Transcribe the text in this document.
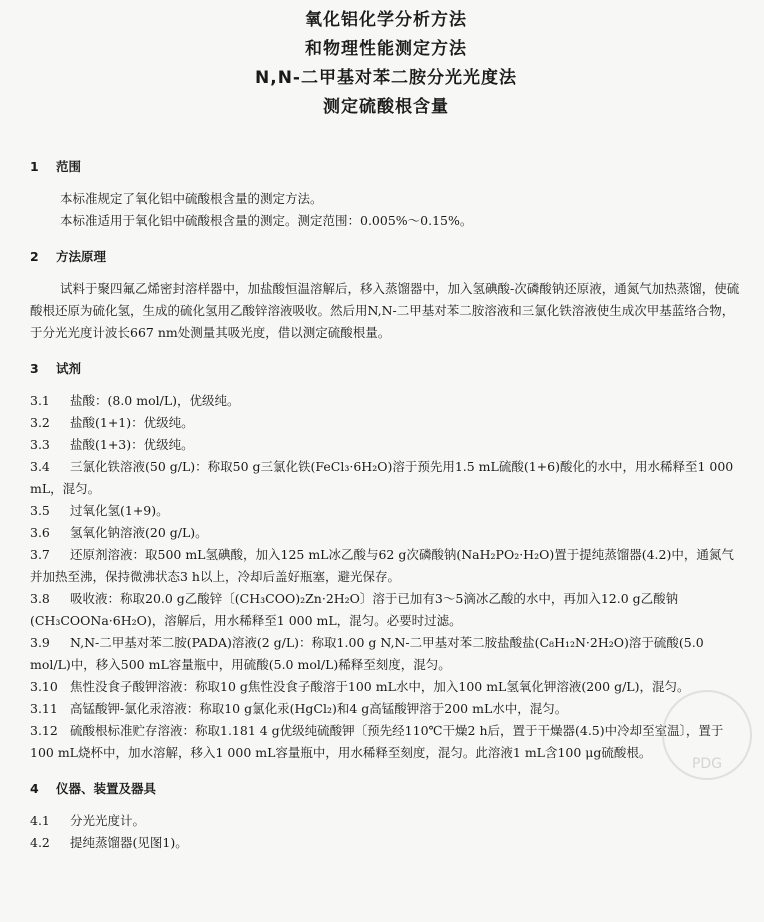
氧化铝化学分析方法
和物理性能测定方法
N,N-二甲基对苯二胺分光光度法
测定硫酸根含量
1 范围

本标准规定了氧化铝中硫酸根含量的测定方法。

本标准适用于氧化铝中硫酸根含量的测定。测定范围：0.005%～0.15%。

2 方法原理

试料于聚四氟乙烯密封溶样器中，加盐酸恒温溶解后，移入蒸馏器中，加入氢碘酸-次磷酸钠还原液，通氮气加热蒸馏，使硫酸根还原为硫化氢，生成的硫化氢用乙酸锌溶液吸收。然后用N,N-二甲基对苯二胺溶液和三氯化铁溶液使生成次甲基蓝络合物，于分光光度计波长667 nm处测量其吸光度，借以测定硫酸根量。

3 试剂

3.1 盐酸：(8.0 mol/L)，优级纯。

3.2 盐酸(1+1)：优级纯。

3.3 盐酸(1+3)：优级纯。

3.4 三氯化铁溶液(50 g/L)：称取50 g三氯化铁(FeCl₃·6H₂O)溶于预先用1.5 mL硫酸(1+6)酸化的水中，用水稀释至1 000 mL，混匀。

3.5 过氧化氢(1+9)。

3.6 氢氧化钠溶液(20 g/L)。

3.7 还原剂溶液：取500 mL氢碘酸，加入125 mL冰乙酸与62 g次磷酸钠(NaH₂PO₂·H₂O)置于提纯蒸馏器(4.2)中，通氮气并加热至沸，保持微沸状态3 h以上，冷却后盖好瓶塞，避光保存。

3.8 吸收液：称取20.0 g乙酸锌〔(CH₃COO)₂Zn·2H₂O〕溶于已加有3～5滴冰乙酸的水中，再加入12.0 g乙酸钠(CH₃COONa·6H₂O)，溶解后，用水稀释至1 000 mL，混匀。必要时过滤。

3.9 N,N-二甲基对苯二胺(PADA)溶液(2 g/L)：称取1.00 g N,N-二甲基对苯二胺盐酸盐(C₈H₁₂N·2H₂O)溶于硫酸(5.0 mol/L)中，移入500 mL容量瓶中，用硫酸(5.0 mol/L)稀释至刻度，混匀。

3.10 焦性没食子酸钾溶液：称取10 g焦性没食子酸溶于100 mL水中，加入100 mL氢氧化钾溶液(200 g/L)，混匀。

3.11 高锰酸钾-氯化汞溶液：称取10 g氯化汞(HgCl₂)和4 g高锰酸钾溶于200 mL水中，混匀。

3.12 硫酸根标准贮存溶液：称取1.181 4 g优级纯硫酸钾〔预先经110℃干燥2 h后，置于干燥器(4.5)中冷却至室温〕，置于100 mL烧杯中，加水溶解，移入1 000 mL容量瓶中，用水稀释至刻度，混匀。此溶液1 mL含100 μg硫酸根。

4 仪器、装置及器具

4.1 分光光度计。

4.2 提纯蒸馏器(见图1)。

PDG
